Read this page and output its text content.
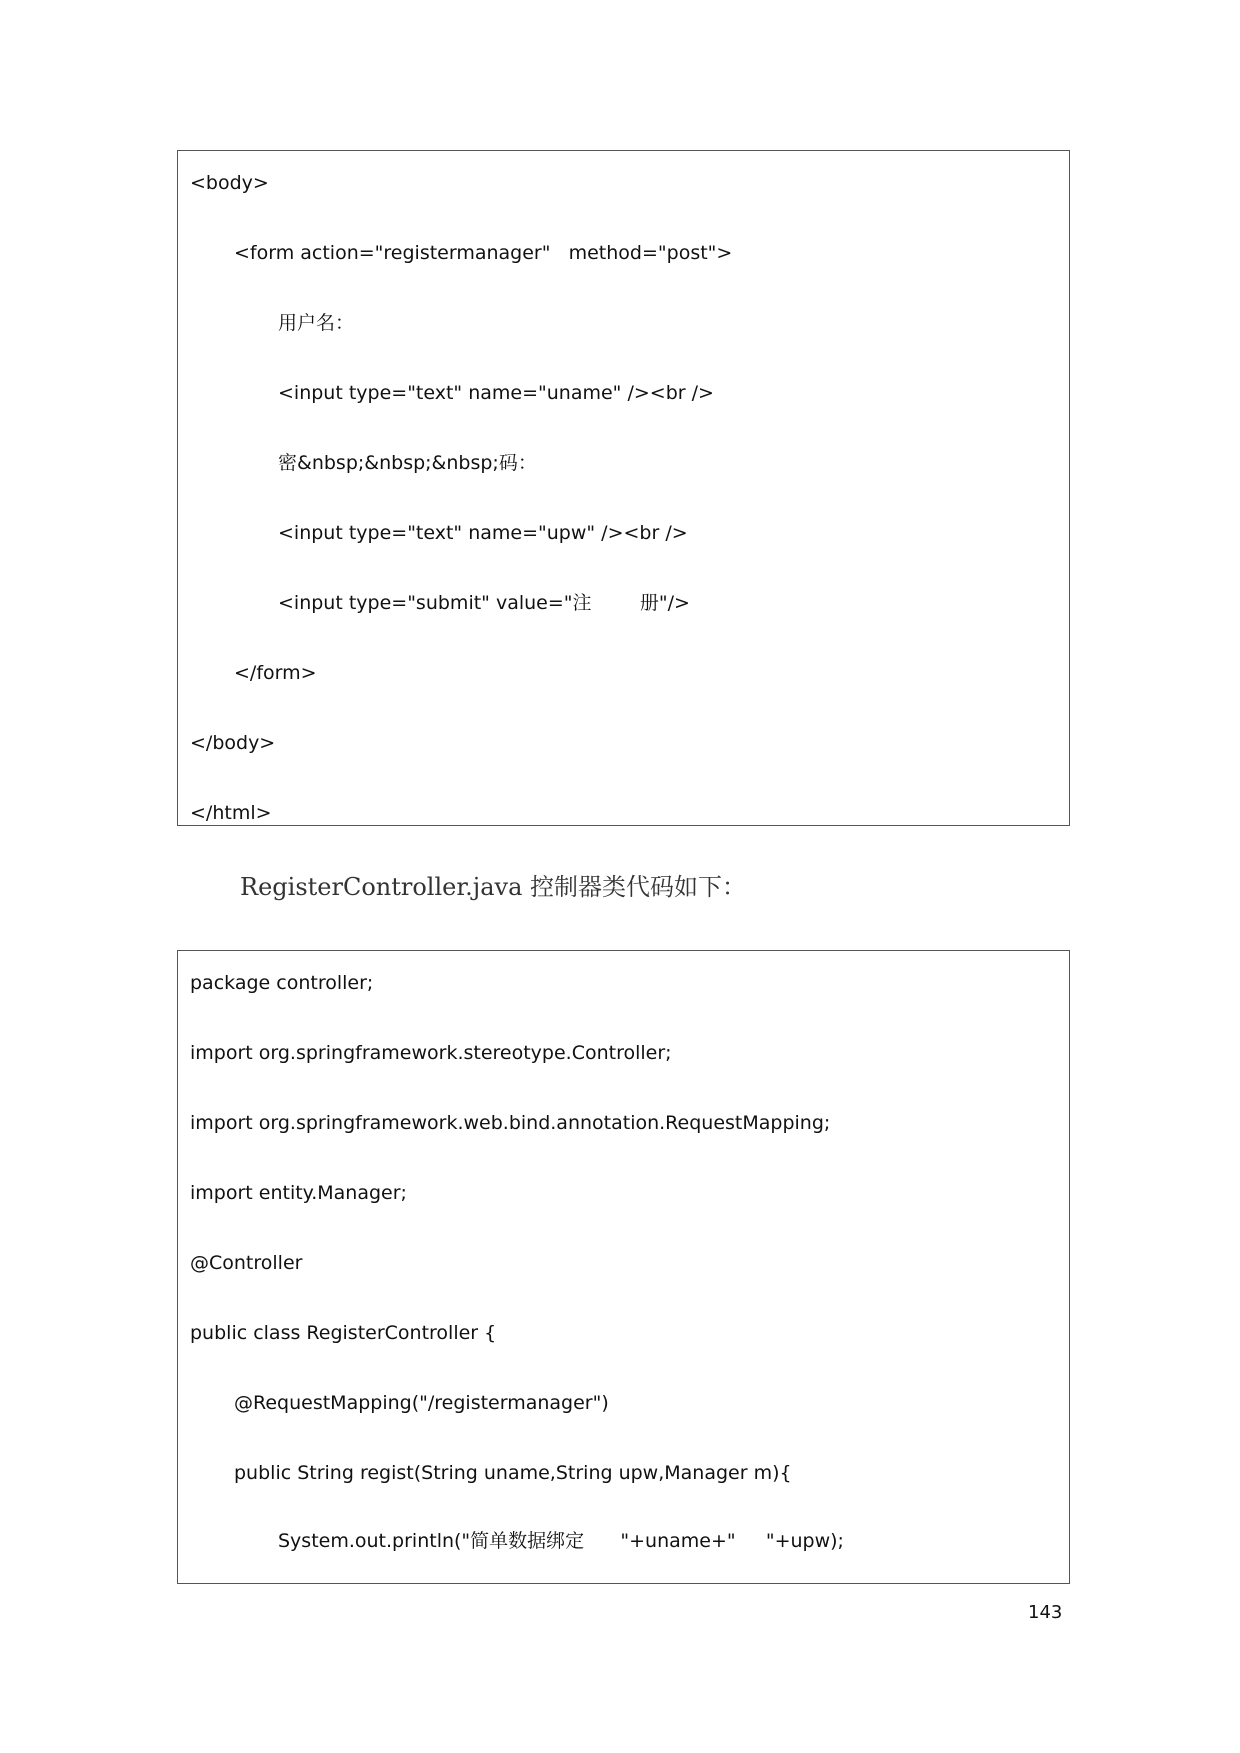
<body>
<form action="registermanager"   method="post">
用户名：
<input type="text" name="uname" /><br />
密&nbsp;&nbsp;&nbsp;码：
<input type="text" name="upw" /><br />
<input type="submit" value="注        册"/>
</form>
</body>
</html>
RegisterController.java 控制器类代码如下：
package controller;
import org.springframework.stereotype.Controller;
import org.springframework.web.bind.annotation.RequestMapping;
import entity.Manager;
@Controller
public class RegisterController {
@RequestMapping("/registermanager")
public String regist(String uname,String upw,Manager m){
System.out.println("简单数据绑定      "+uname+"     "+upw);
143
